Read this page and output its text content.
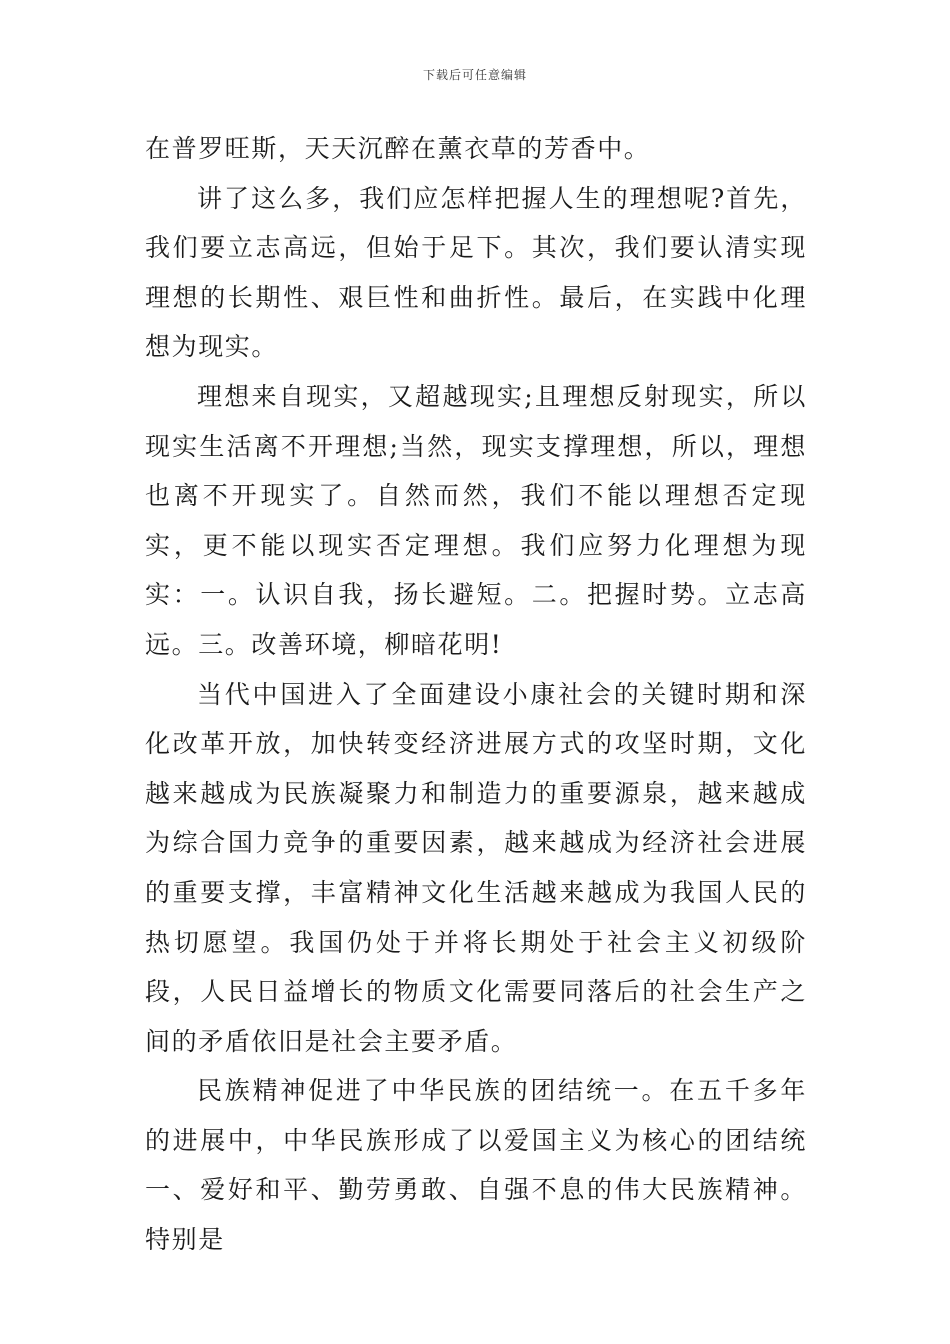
下载后可任意编辑

在普罗旺斯，天天沉醉在薰衣草的芳香中。

讲了这么多，我们应怎样把握人生的理想呢?首先，我们要立志高远，但始于足下。其次，我们要认清实现理想的长期性、艰巨性和曲折性。最后，在实践中化理想为现实。

理想来自现实，又超越现实;且理想反射现实，所以现实生活离不开理想;当然，现实支撑理想，所以，理想也离不开现实了。自然而然，我们不能以理想否定现实，更不能以现实否定理想。我们应努力化理想为现实：一。认识自我，扬长避短。二。把握时势。立志高远。三。改善环境，柳暗花明!

当代中国进入了全面建设小康社会的关键时期和深化改革开放，加快转变经济进展方式的攻坚时期，文化越来越成为民族凝聚力和制造力的重要源泉，越来越成为综合国力竞争的重要因素，越来越成为经济社会进展的重要支撑，丰富精神文化生活越来越成为我国人民的热切愿望。我国仍处于并将长期处于社会主义初级阶段，人民日益增长的物质文化需要同落后的社会生产之间的矛盾依旧是社会主要矛盾。

民族精神促进了中华民族的团结统一。在五千多年的进展中，中华民族形成了以爱国主义为核心的团结统一、爱好和平、勤劳勇敢、自强不息的伟大民族精神。特别是
